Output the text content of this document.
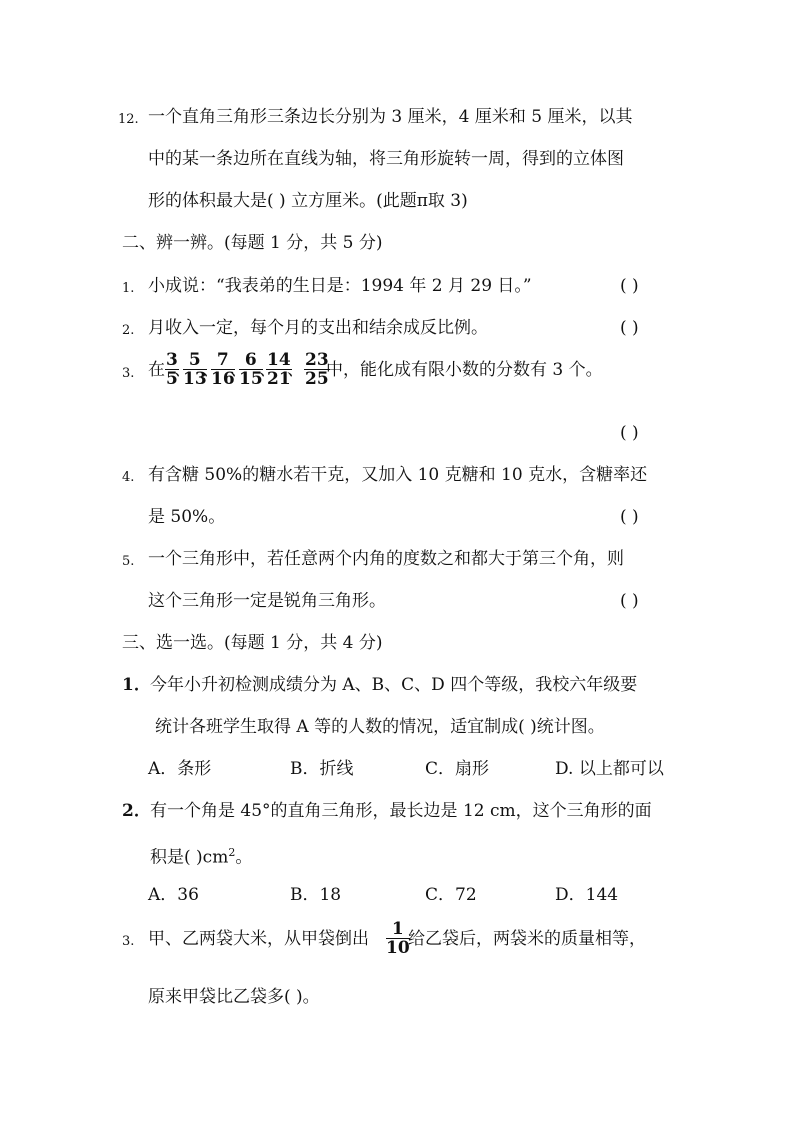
12. 一个直角三角形三条边长分别为 3 厘米，4 厘米和 5 厘米，以其
中的某一条边所在直线为轴，将三角形旋转一周，得到的立体图
形的体积最大是( ) 立方厘米。(此题π取 3)
二、辨一辨。(每题 1 分，共 5 分)
1. 小成说：“我表弟的生日是：1994 年 2 月 29 日。”	( )
2. 月收入一定，每个月的支出和结余成反比例。	( )
3. 在 $\frac{3}{5}$
、
$\frac{5}{13}$
、
$\frac{7}{16}$
、
$\frac{6}{15}$
、
$\frac{14}{21}$
、 $\frac{23}{25}$
中，能化成有限小数的分数有 3 个。
( )
4. 有含糖 50%的糖水若干克，又加入 10 克糖和 10 克水，含糖率还
是 50%。	( )
5. 一个三角形中，若任意两个内角的度数之和都大于第三个角，则
这个三角形一定是锐角三角形。	( )
三、选一选。(每题 1 分，共 4 分)
1． 今年小升初检测成绩分为 A、B、C、D 四个等级，我校六年级要
统计各班学生取得 A 等的人数的情况，适宜制成( )统计图。
A．条形	B．折线	C．扇形	D. 以上都可以
2． 有一个角是 45°的直角三角形，最长边是 12 cm，这个三角形的面
积是( )$cm^2$。
A．36	B．18	C．72	D．144
3. 甲、乙两袋大米，从甲袋倒出 $\frac{1}{10}$
给乙袋后，两袋米的质量相等，
原来甲袋比乙袋多( )。
